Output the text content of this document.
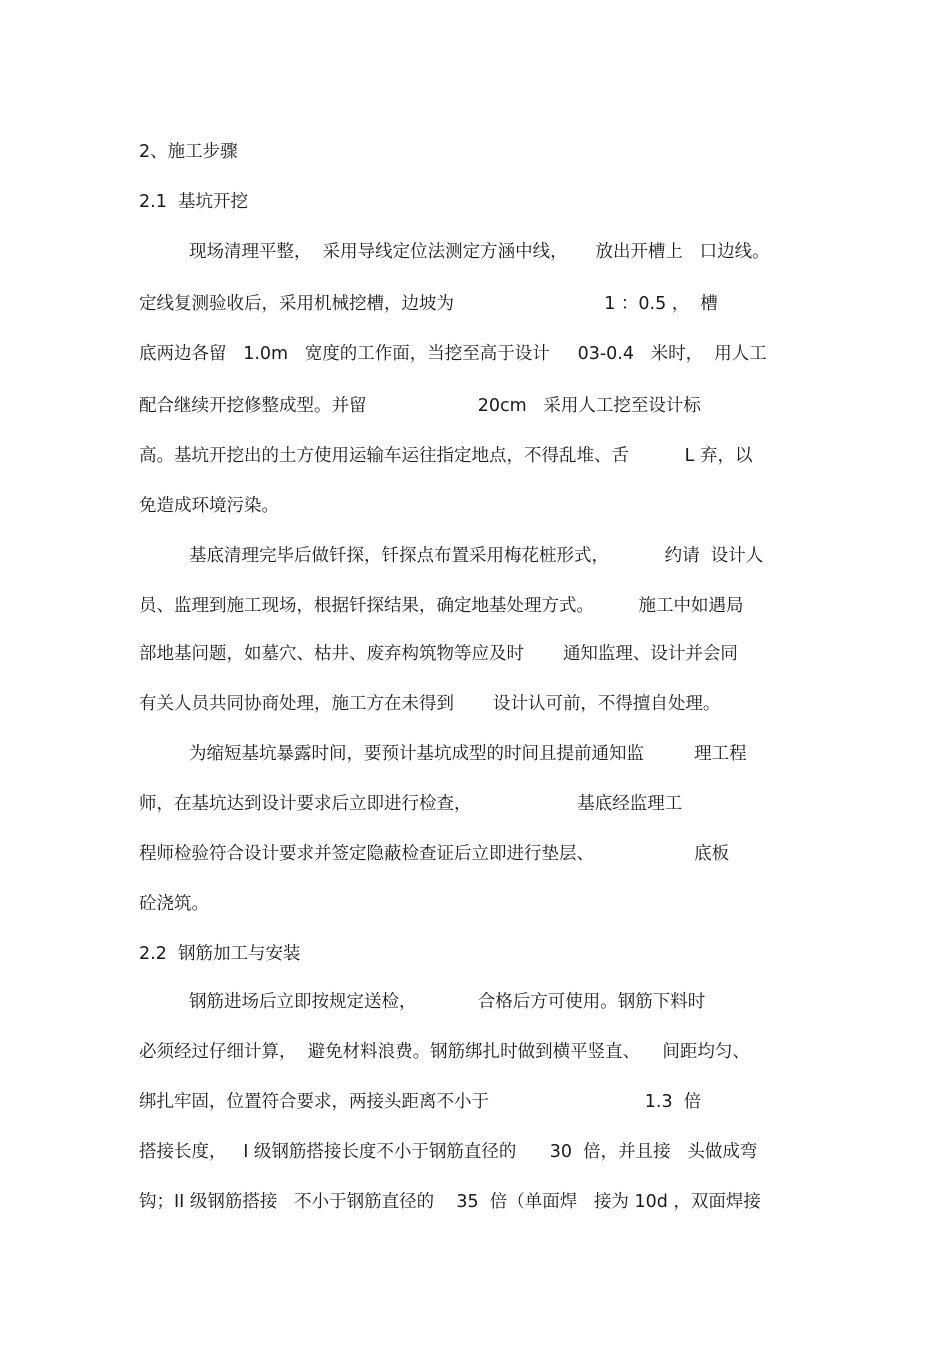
2、施工步骤
2.1  基坑开挖
现场清理平整，  采用导线定位法测定方涵中线，     放出开槽上   口边线。
定线复测验收后，采用机械挖槽，边坡为                           1 ：0.5 ，  槽
底两边各留   1.0m   宽度的工作面，当挖至高于设计     03-0.4   米时，  用人工
配合继续开挖修整成型。并留                    20cm   采用人工挖至设计标
高。基坑开挖出的土方使用运输车运往指定地点，不得乱堆、舌          L 弃，以
免造成环境污染。
基底清理完毕后做钎探，钎探点布置采用梅花桩形式，          约请  设计人
员、监理到施工现场，根据钎探结果，确定地基处理方式。        施工中如遇局
部地基问题，如墓穴、枯井、废弃构筑物等应及时       通知监理、设计并会同
有关人员共同协商处理，施工方在未得到       设计认可前，不得擅自处理。
为缩短基坑暴露时间，要预计基坑成型的时间且提前通知监         理工程
师，在基坑达到设计要求后立即进行检查，                   基底经监理工
程师检验符合设计要求并签定隐蔽检查证后立即进行垫层、                  底板
砼浇筑。
2.2  钢筋加工与安装
钢筋进场后立即按规定送检，           合格后方可使用。钢筋下料时
必须经过仔细计算，  避免材料浪费。钢筋绑扎时做到横平竖直、    间距均匀、
绑扎牢固，位置符合要求，两接头距离不小于                            1.3  倍
搭接长度，   I 级钢筋搭接长度不小于钢筋直径的      30  倍，并且接   头做成弯
钩；II 级钢筋搭接   不小于钢筋直径的    35  倍（单面焊   接为 10d ，双面焊接
